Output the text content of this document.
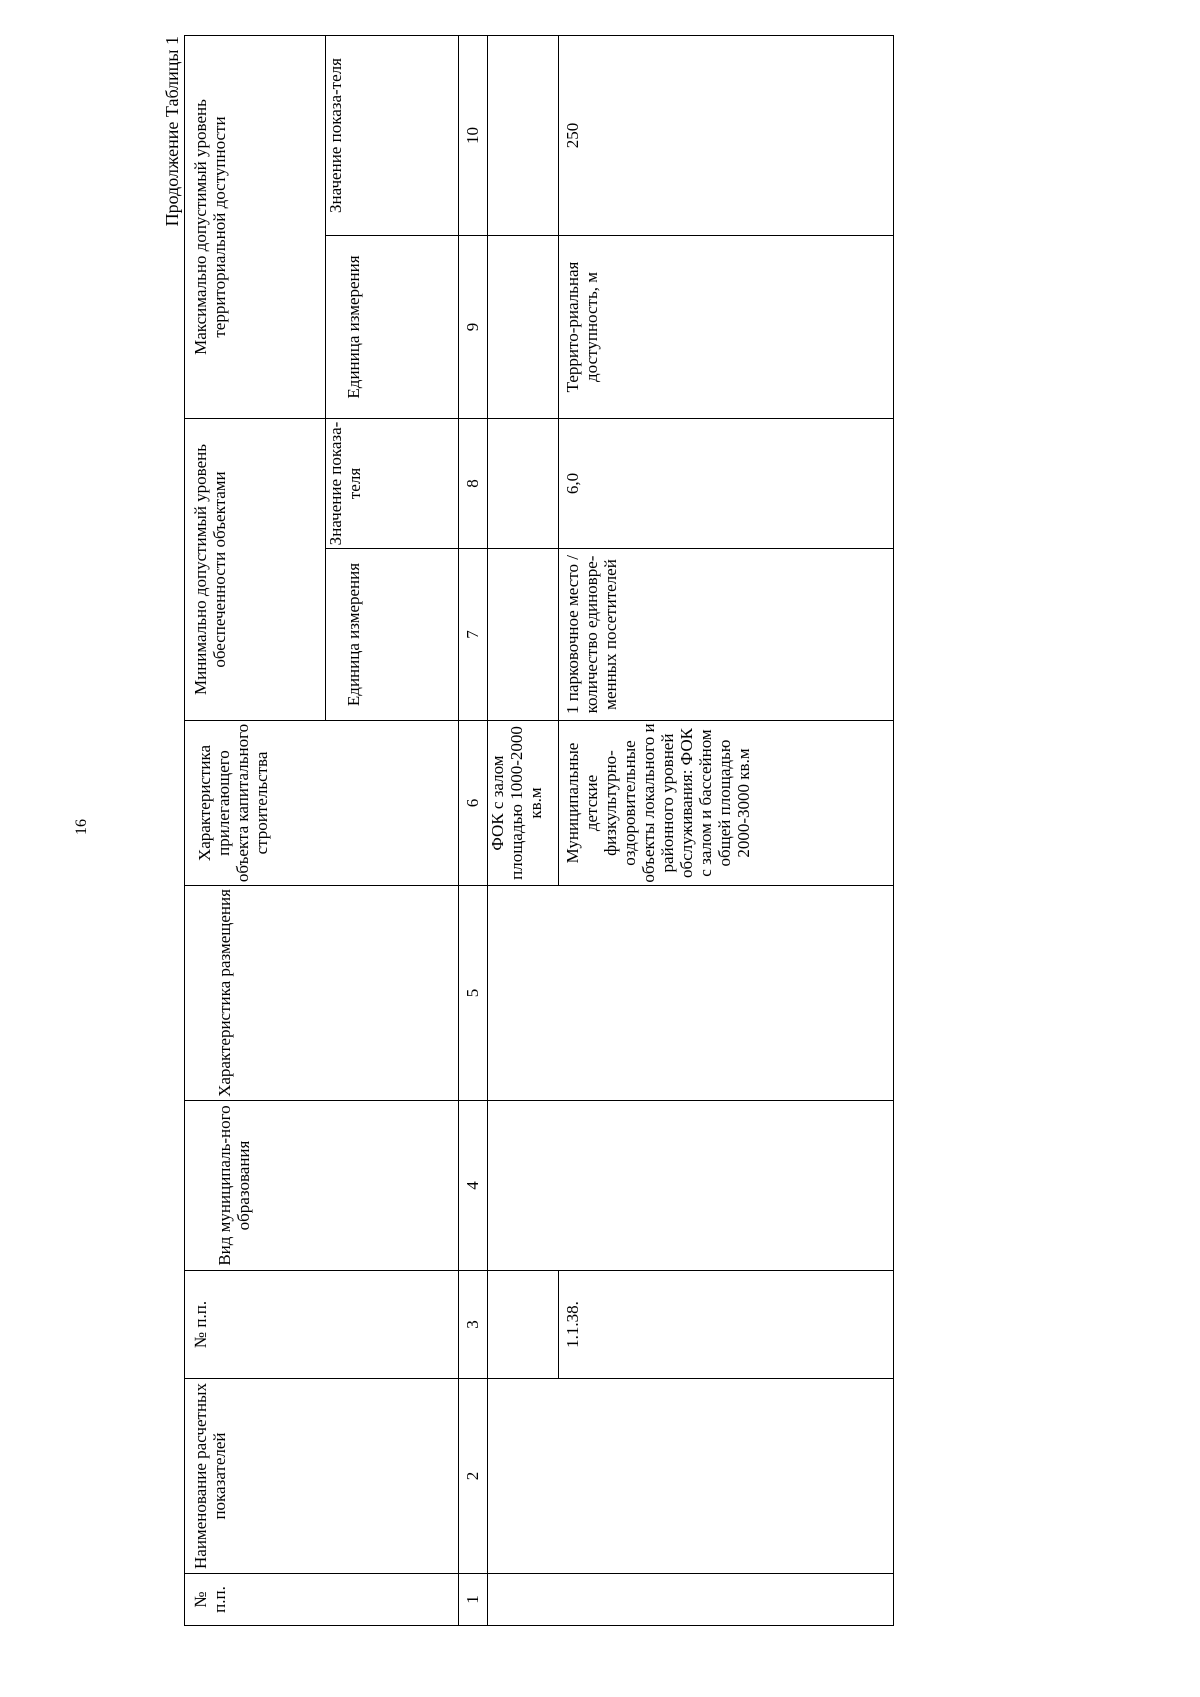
16
Продолжение Таблицы 1
№ п.п.	Наименование расчетных показателей	№ п.п.	Вид муниципаль-ного образования	Характеристика размещения	Характеристика прилегающего объекта капитального строительства	Минимально допустимый уровень обеспеченности объектами		Максимально допустимый уровень территориальной доступности	
						Единица измерения	Значение показа-теля	Единица измерения	Значение показа-теля
1	2	3	4	5	6	7	8	9	10
					ФОК с залом площадью 1000-2000 кв.м				
		1.1.38.			Муниципальные детские физкультурно-оздоровительные объекты локального и районного уровней обслуживания: ФОК с залом и бассейном общей площадью 2000-3000 кв.м	1 парковочное место / количество единовре-менных посетителей	6,0	Террито-риальная доступность, м	250
